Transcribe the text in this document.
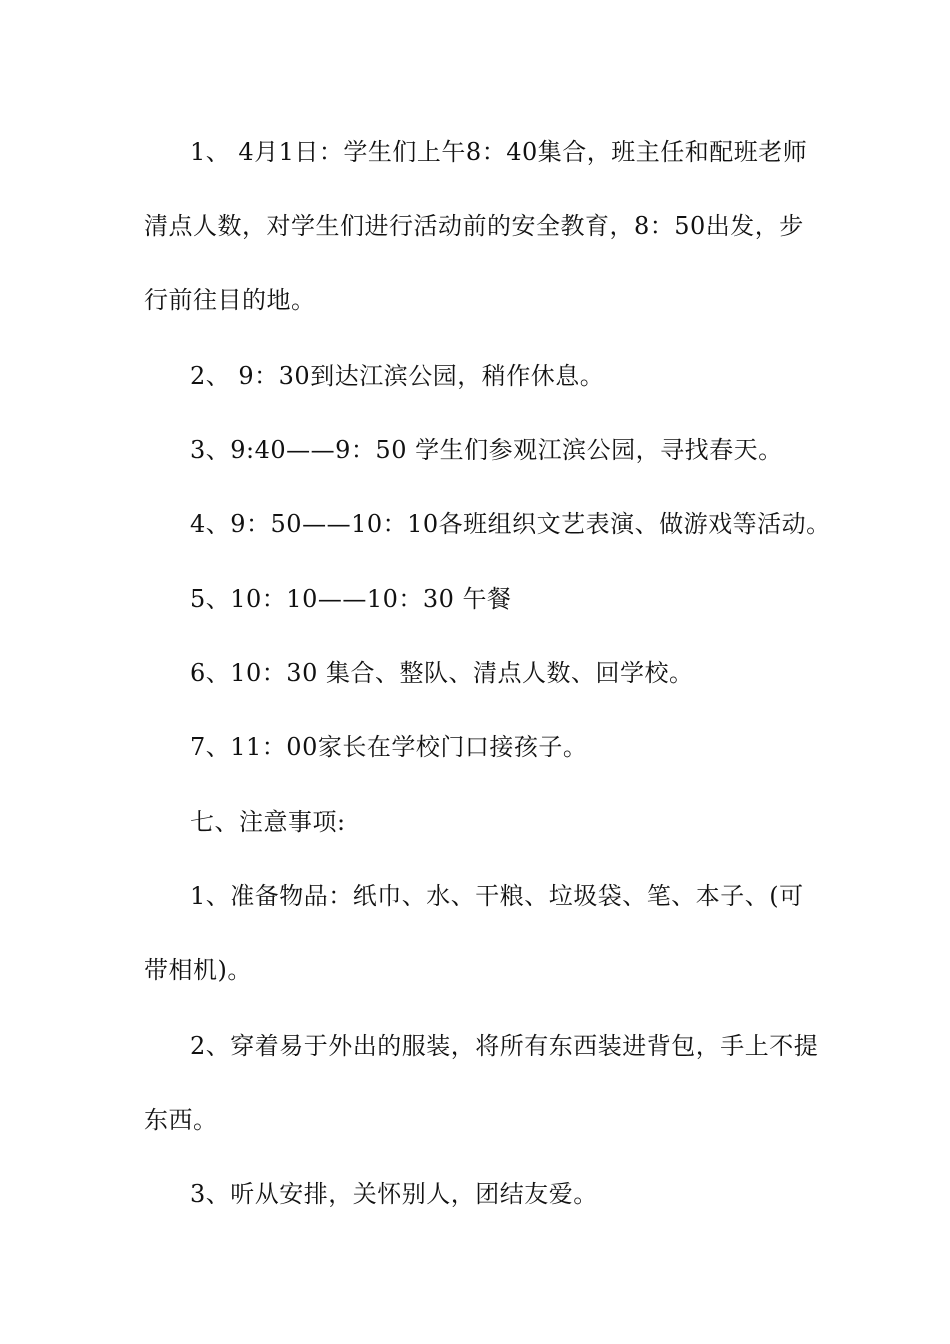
1、 4月1日：学生们上午8：40集合，班主任和配班老师
清点人数，对学生们进行活动前的安全教育，8：50出发，步
行前往目的地。
2、 9：30到达江滨公园，稍作休息。
3、9:40——9：50 学生们参观江滨公园，寻找春天。
4、9：50——10：10各班组织文艺表演、做游戏等活动。
5、10：10——10：30 午餐
6、10：30 集合、整队、清点人数、回学校。
7、11：00家长在学校门口接孩子。
七、注意事项:
1、准备物品：纸巾、水、干粮、垃圾袋、笔、本子、(可
带相机)。
2、穿着易于外出的服装，将所有东西装进背包，手上不提
东西。
3、听从安排，关怀别人，团结友爱。
